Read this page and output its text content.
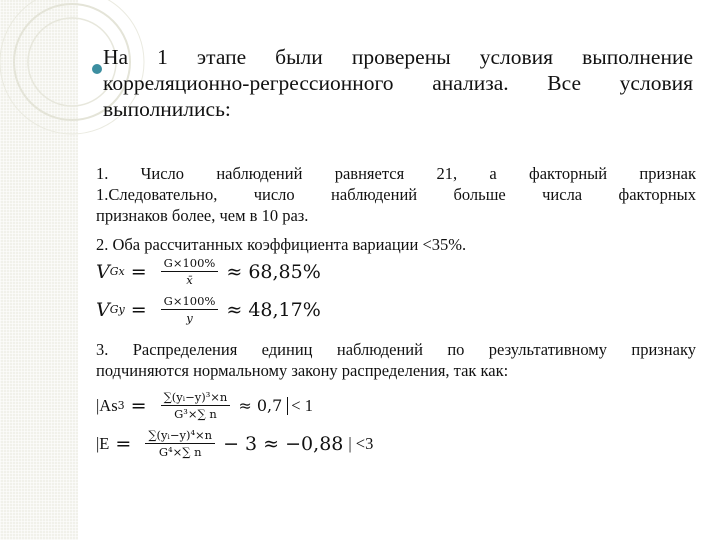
На 1 этапе были проверены условия выполнение
корреляционно-регрессионного анализа. Все условия
выполнились:
1. Число наблюдений равняется 21, а факторный признак
1.Следовательно, число наблюдений больше числа факторных
признаков более, чем в 10 раз.
2. Оба рассчитанных коэффициента вариации <35%.
V $Gx = \frac{G\times 100\%}{x̄} \approx 68,85\%$
V $Gy = \frac{G\times 100\%}{y} \approx 48,17\%$
3. Распределения единиц наблюдений по результативному признаку
подчиняются нормальному закону распределения, так как:
|As $3 = \frac{\text{∑(yᵢ−y)³×n}}{\text{G³×∑ n}} \approx 0,7 < 1$
$|E = \frac{\text{∑(yᵢ−y)⁴×n}}{\text{G⁴×∑ n}} - 3 \approx -0,88$ | <3
